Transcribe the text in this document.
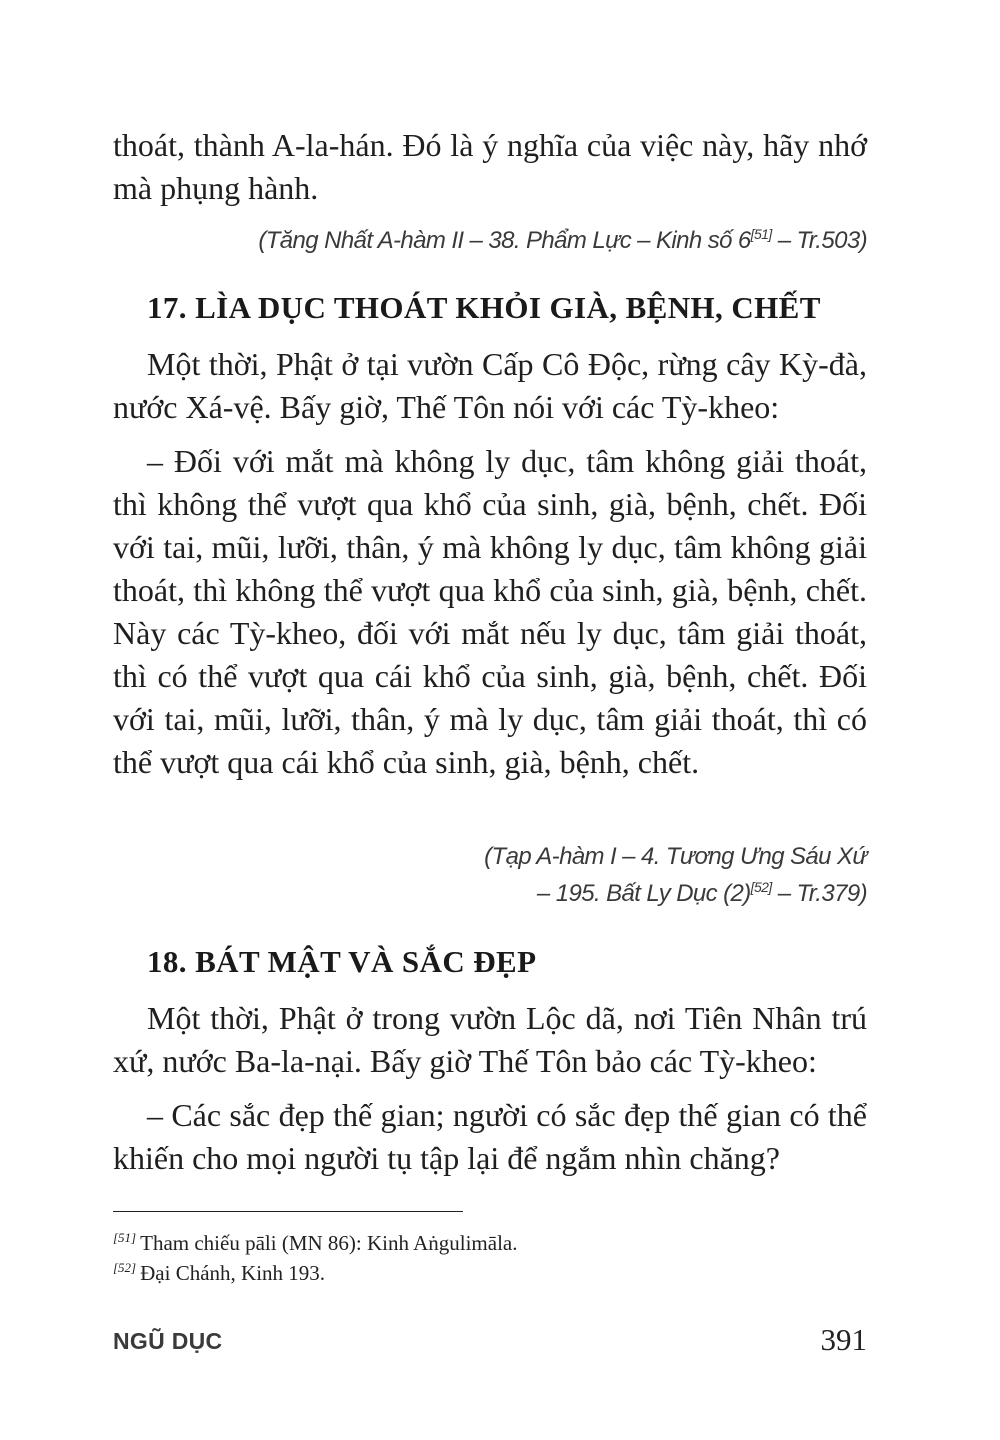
thoát, thành A-la-hán. Đó là ý nghĩa của việc này, hãy nhớ mà phụng hành.

(Tăng Nhất A-hàm II – 38. Phẩm Lực – Kinh số 6[51] – Tr.503)

17. LÌA DỤC THOÁT KHỎI GIÀ, BỆNH, CHẾT

Một thời, Phật ở tại vườn Cấp Cô Độc, rừng cây Kỳ-đà, nước Xá-vệ. Bấy giờ, Thế Tôn nói với các Tỳ-kheo:

– Đối với mắt mà không ly dục, tâm không giải thoát, thì không thể vượt qua khổ của sinh, già, bệnh, chết. Đối với tai, mũi, lưỡi, thân, ý mà không ly dục, tâm không giải thoát, thì không thể vượt qua khổ của sinh, già, bệnh, chết. Này các Tỳ-kheo, đối với mắt nếu ly dục, tâm giải thoát, thì có thể vượt qua cái khổ của sinh, già, bệnh, chết. Đối với tai, mũi, lưỡi, thân, ý mà ly dục, tâm giải thoát, thì có thể vượt qua cái khổ của sinh, già, bệnh, chết.

(Tạp A-hàm I – 4. Tương Ưng Sáu Xứ

– 195. Bất Ly Dục (2)[52] – Tr.379)

18. BÁT MẬT VÀ SẮC ĐẸP

Một thời, Phật ở trong vườn Lộc dã, nơi Tiên Nhân trú xứ, nước Ba-la-nại. Bấy giờ Thế Tôn bảo các Tỳ-kheo:

– Các sắc đẹp thế gian; người có sắc đẹp thế gian có thể khiến cho mọi người tụ tập lại để ngắm nhìn chăng?

[51] Tham chiếu pāli (MN 86): Kinh Aṅgulimāla.

[52] Đại Chánh, Kinh 193.

NGŨ DỤC	391
